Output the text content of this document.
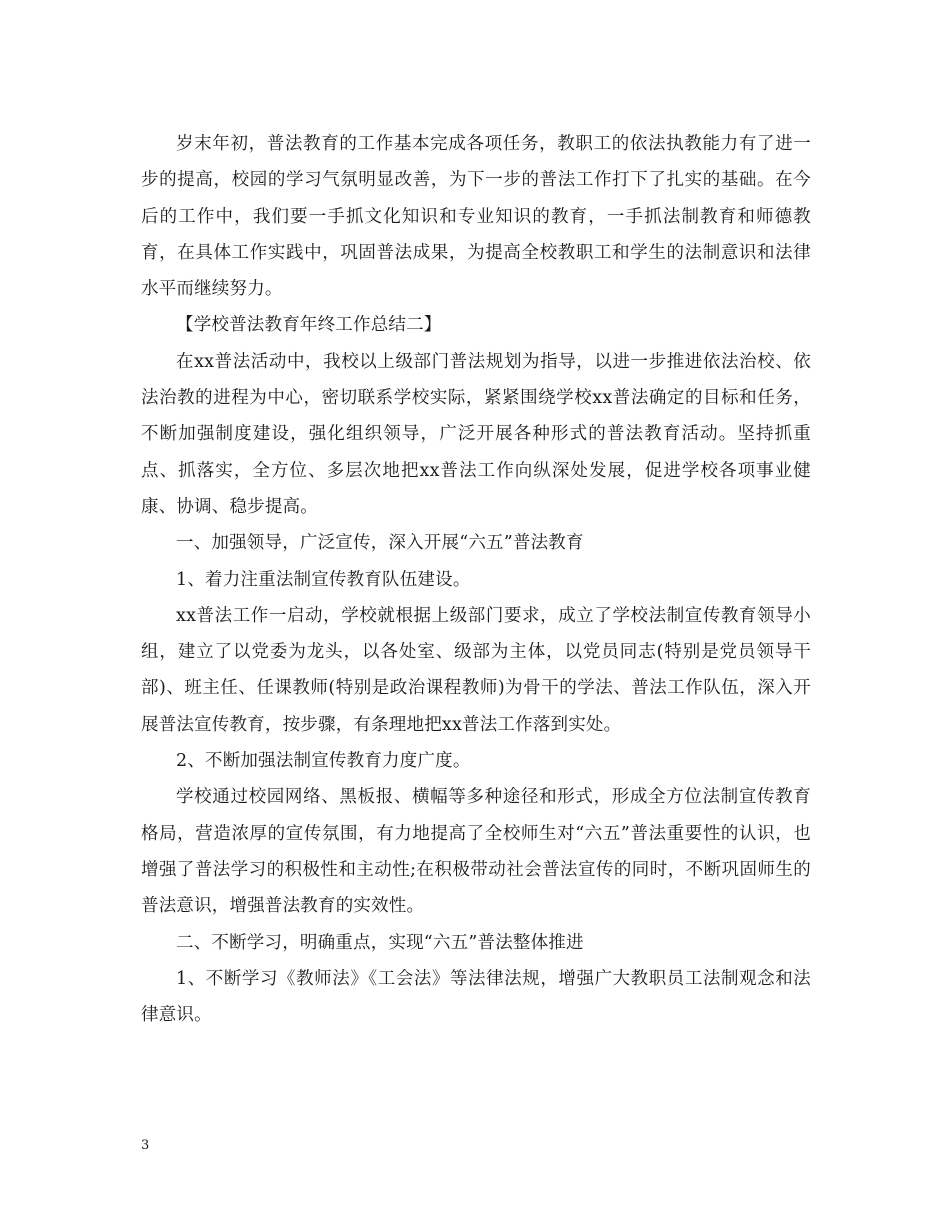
岁末年初，普法教育的工作基本完成各项任务，教职工的依法执教能力有了进一步的提高，校园的学习气氛明显改善，为下一步的普法工作打下了扎实的基础。在今后的工作中，我们要一手抓文化知识和专业知识的教育，一手抓法制教育和师德教育，在具体工作实践中，巩固普法成果，为提高全校教职工和学生的法制意识和法律水平而继续努力。

【学校普法教育年终工作总结二】

在xx普法活动中，我校以上级部门普法规划为指导，以进一步推进依法治校、依法治教的进程为中心，密切联系学校实际，紧紧围绕学校xx普法确定的目标和任务，不断加强制度建设，强化组织领导，广泛开展各种形式的普法教育活动。坚持抓重点、抓落实，全方位、多层次地把xx普法工作向纵深处发展，促进学校各项事业健康、协调、稳步提高。

一、加强领导，广泛宣传，深入开展“六五”普法教育

1、着力注重法制宣传教育队伍建设。

xx普法工作一启动，学校就根据上级部门要求，成立了学校法制宣传教育领导小组，建立了以党委为龙头，以各处室、级部为主体，以党员同志(特别是党员领导干部)、班主任、任课教师(特别是政治课程教师)为骨干的学法、普法工作队伍，深入开展普法宣传教育，按步骤，有条理地把xx普法工作落到实处。

2、不断加强法制宣传教育力度广度。

学校通过校园网络、黑板报、横幅等多种途径和形式，形成全方位法制宣传教育格局，营造浓厚的宣传氛围，有力地提高了全校师生对“六五”普法重要性的认识，也增强了普法学习的积极性和主动性;在积极带动社会普法宣传的同时，不断巩固师生的普法意识，增强普法教育的实效性。

二、不断学习，明确重点，实现“六五”普法整体推进

1、不断学习《教师法》《工会法》等法律法规，增强广大教职员工法制观念和法律意识。

3
